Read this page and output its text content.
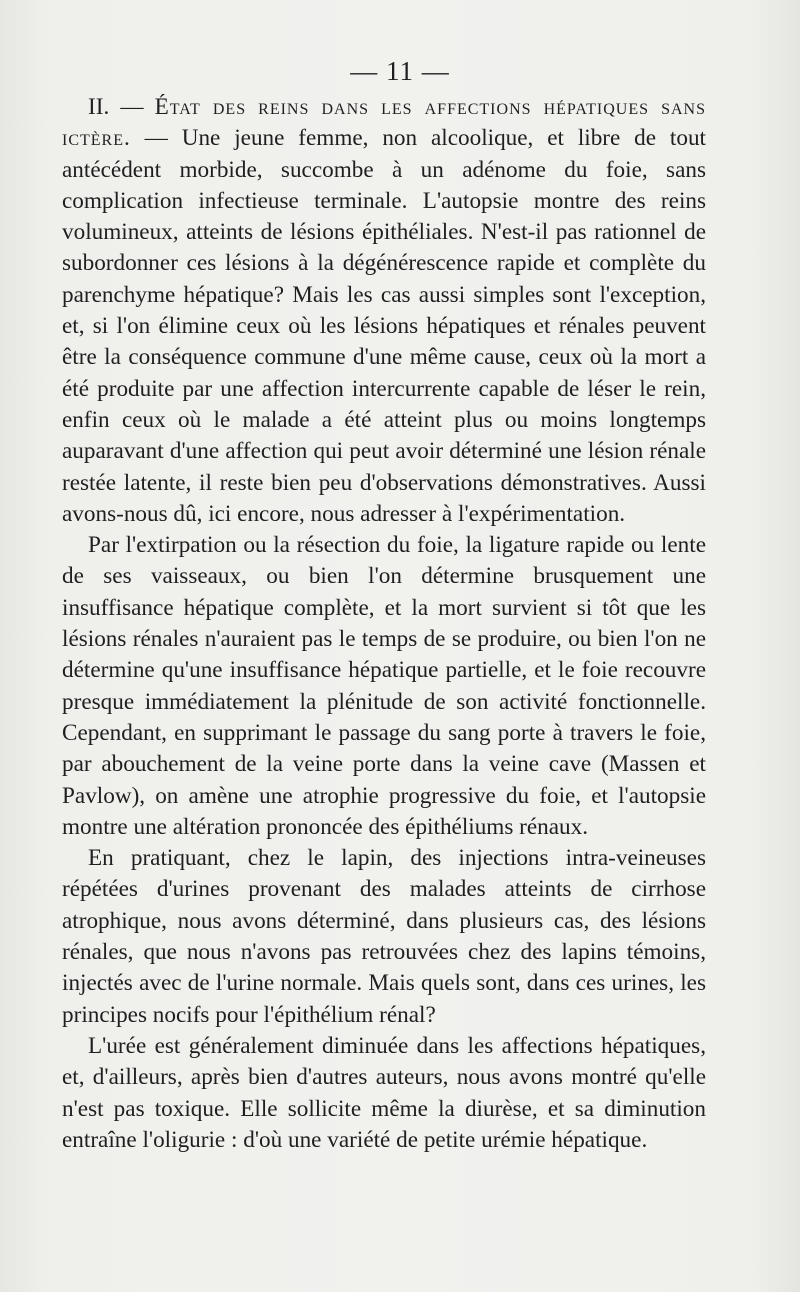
— 11 —

II. — État des reins dans les affections hépatiques sans ictère. — Une jeune femme, non alcoolique, et libre de tout antécédent morbide, succombe à un adénome du foie, sans complication infectieuse terminale. L'autopsie montre des reins volumineux, atteints de lésions épithéliales. N'est-il pas rationnel de subordonner ces lésions à la dégénérescence rapide et complète du parenchyme hépatique? Mais les cas aussi simples sont l'exception, et, si l'on élimine ceux où les lésions hépatiques et rénales peuvent être la conséquence commune d'une même cause, ceux où la mort a été produite par une affection intercurrente capable de léser le rein, enfin ceux où le malade a été atteint plus ou moins longtemps auparavant d'une affection qui peut avoir déterminé une lésion rénale restée latente, il reste bien peu d'observations démonstratives. Aussi avons-nous dû, ici encore, nous adresser à l'expérimentation.

Par l'extirpation ou la résection du foie, la ligature rapide ou lente de ses vaisseaux, ou bien l'on détermine brusquement une insuffisance hépatique complète, et la mort survient si tôt que les lésions rénales n'auraient pas le temps de se produire, ou bien l'on ne détermine qu'une insuffisance hépatique partielle, et le foie recouvre presque immédiatement la plénitude de son activité fonctionnelle. Cependant, en supprimant le passage du sang porte à travers le foie, par abouchement de la veine porte dans la veine cave (Massen et Pavlow), on amène une atrophie progressive du foie, et l'autopsie montre une altération prononcée des épithéliums rénaux.

En pratiquant, chez le lapin, des injections intra-veineuses répétées d'urines provenant des malades atteints de cirrhose atrophique, nous avons déterminé, dans plusieurs cas, des lésions rénales, que nous n'avons pas retrouvées chez des lapins témoins, injectés avec de l'urine normale. Mais quels sont, dans ces urines, les principes nocifs pour l'épithélium rénal?

L'urée est généralement diminuée dans les affections hépatiques, et, d'ailleurs, après bien d'autres auteurs, nous avons montré qu'elle n'est pas toxique. Elle sollicite même la diurèse, et sa diminution entraîne l'oligurie : d'où une variété de petite urémie hépatique.
